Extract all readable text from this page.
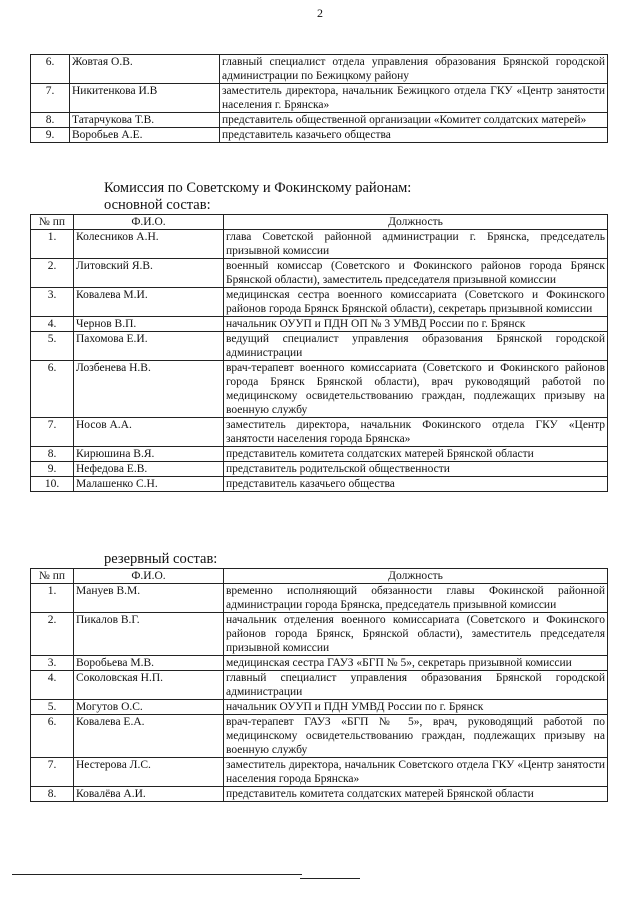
2
6.	Жовтая О.В.	главный специалист отдела управления образования Брянской городской администрации по Бежицкому району
7.	Никитенкова И.В	заместитель директора, начальник Бежицкого отдела ГКУ «Центр занятости населения г. Брянска»
8.	Татарчукова Т.В.	представитель общественной организации «Комитет солдатских матерей»
9.	Воробьев А.Е.	представитель казачьего общества
Комиссия по Советскому и Фокинскому районам:
основной состав:
№ пп	Ф.И.О.	Должность
1.	Колесников А.Н.	глава Советской районной администрации г. Брянска, председатель призывной комиссии
2.	Литовский Я.В.	военный комиссар (Советского и Фокинского районов города Брянск Брянской области), заместитель председателя призывной комиссии
3.	Ковалева М.И.	медицинская сестра военного комиссариата (Советского и Фокинского районов города Брянск Брянской области), секретарь призывной комиссии
4.	Чернов В.П.	начальник ОУУП и ПДН ОП № 3 УМВД России по г. Брянск
5.	Пахомова Е.И.	ведущий специалист управления образования Брянской городской администрации
6.	Лозбенева Н.В.	врач-терапевт военного комиссариата (Советского и Фокинского районов города Брянск Брянской области), врач руководящий работой по медицинскому освидетельствованию граждан, подлежащих призыву на военную службу
7.	Носов А.А.	заместитель директора, начальник Фокинского отдела ГКУ «Центр занятости населения города Брянска»
8.	Кирюшина В.Я.	представитель комитета солдатских матерей Брянской области
9.	Нефедова Е.В.	представитель родительской общественности
10.	Малашенко С.Н.	представитель казачьего общества
резервный состав:
№ пп	Ф.И.О.	Должность
1.	Мануев В.М.	временно исполняющий обязанности главы Фокинской районной администрации города Брянска, председатель призывной комиссии
2.	Пикалов В.Г.	начальник отделения военного комиссариата (Советского и Фокинского районов города Брянск, Брянской области), заместитель председателя призывной комиссии
3.	Воробьева М.В.	медицинская сестра ГАУЗ «БГП № 5», секретарь призывной комиссии
4.	Соколовская Н.П.	главный специалист управления образования Брянской городской администрации
5.	Могутов О.С.	начальник ОУУП и ПДН УМВД России по г. Брянск
6.	Ковалева Е.А.	врач-терапевт ГАУЗ «БГП № 5», врач, руководящий работой по медицинскому освидетельствованию граждан, подлежащих призыву на военную службу
7.	Нестерова Л.С.	заместитель директора, начальник Советского отдела ГКУ «Центр занятости населения города Брянска»
8.	Ковалёва А.И.	представитель комитета солдатских матерей Брянской области
